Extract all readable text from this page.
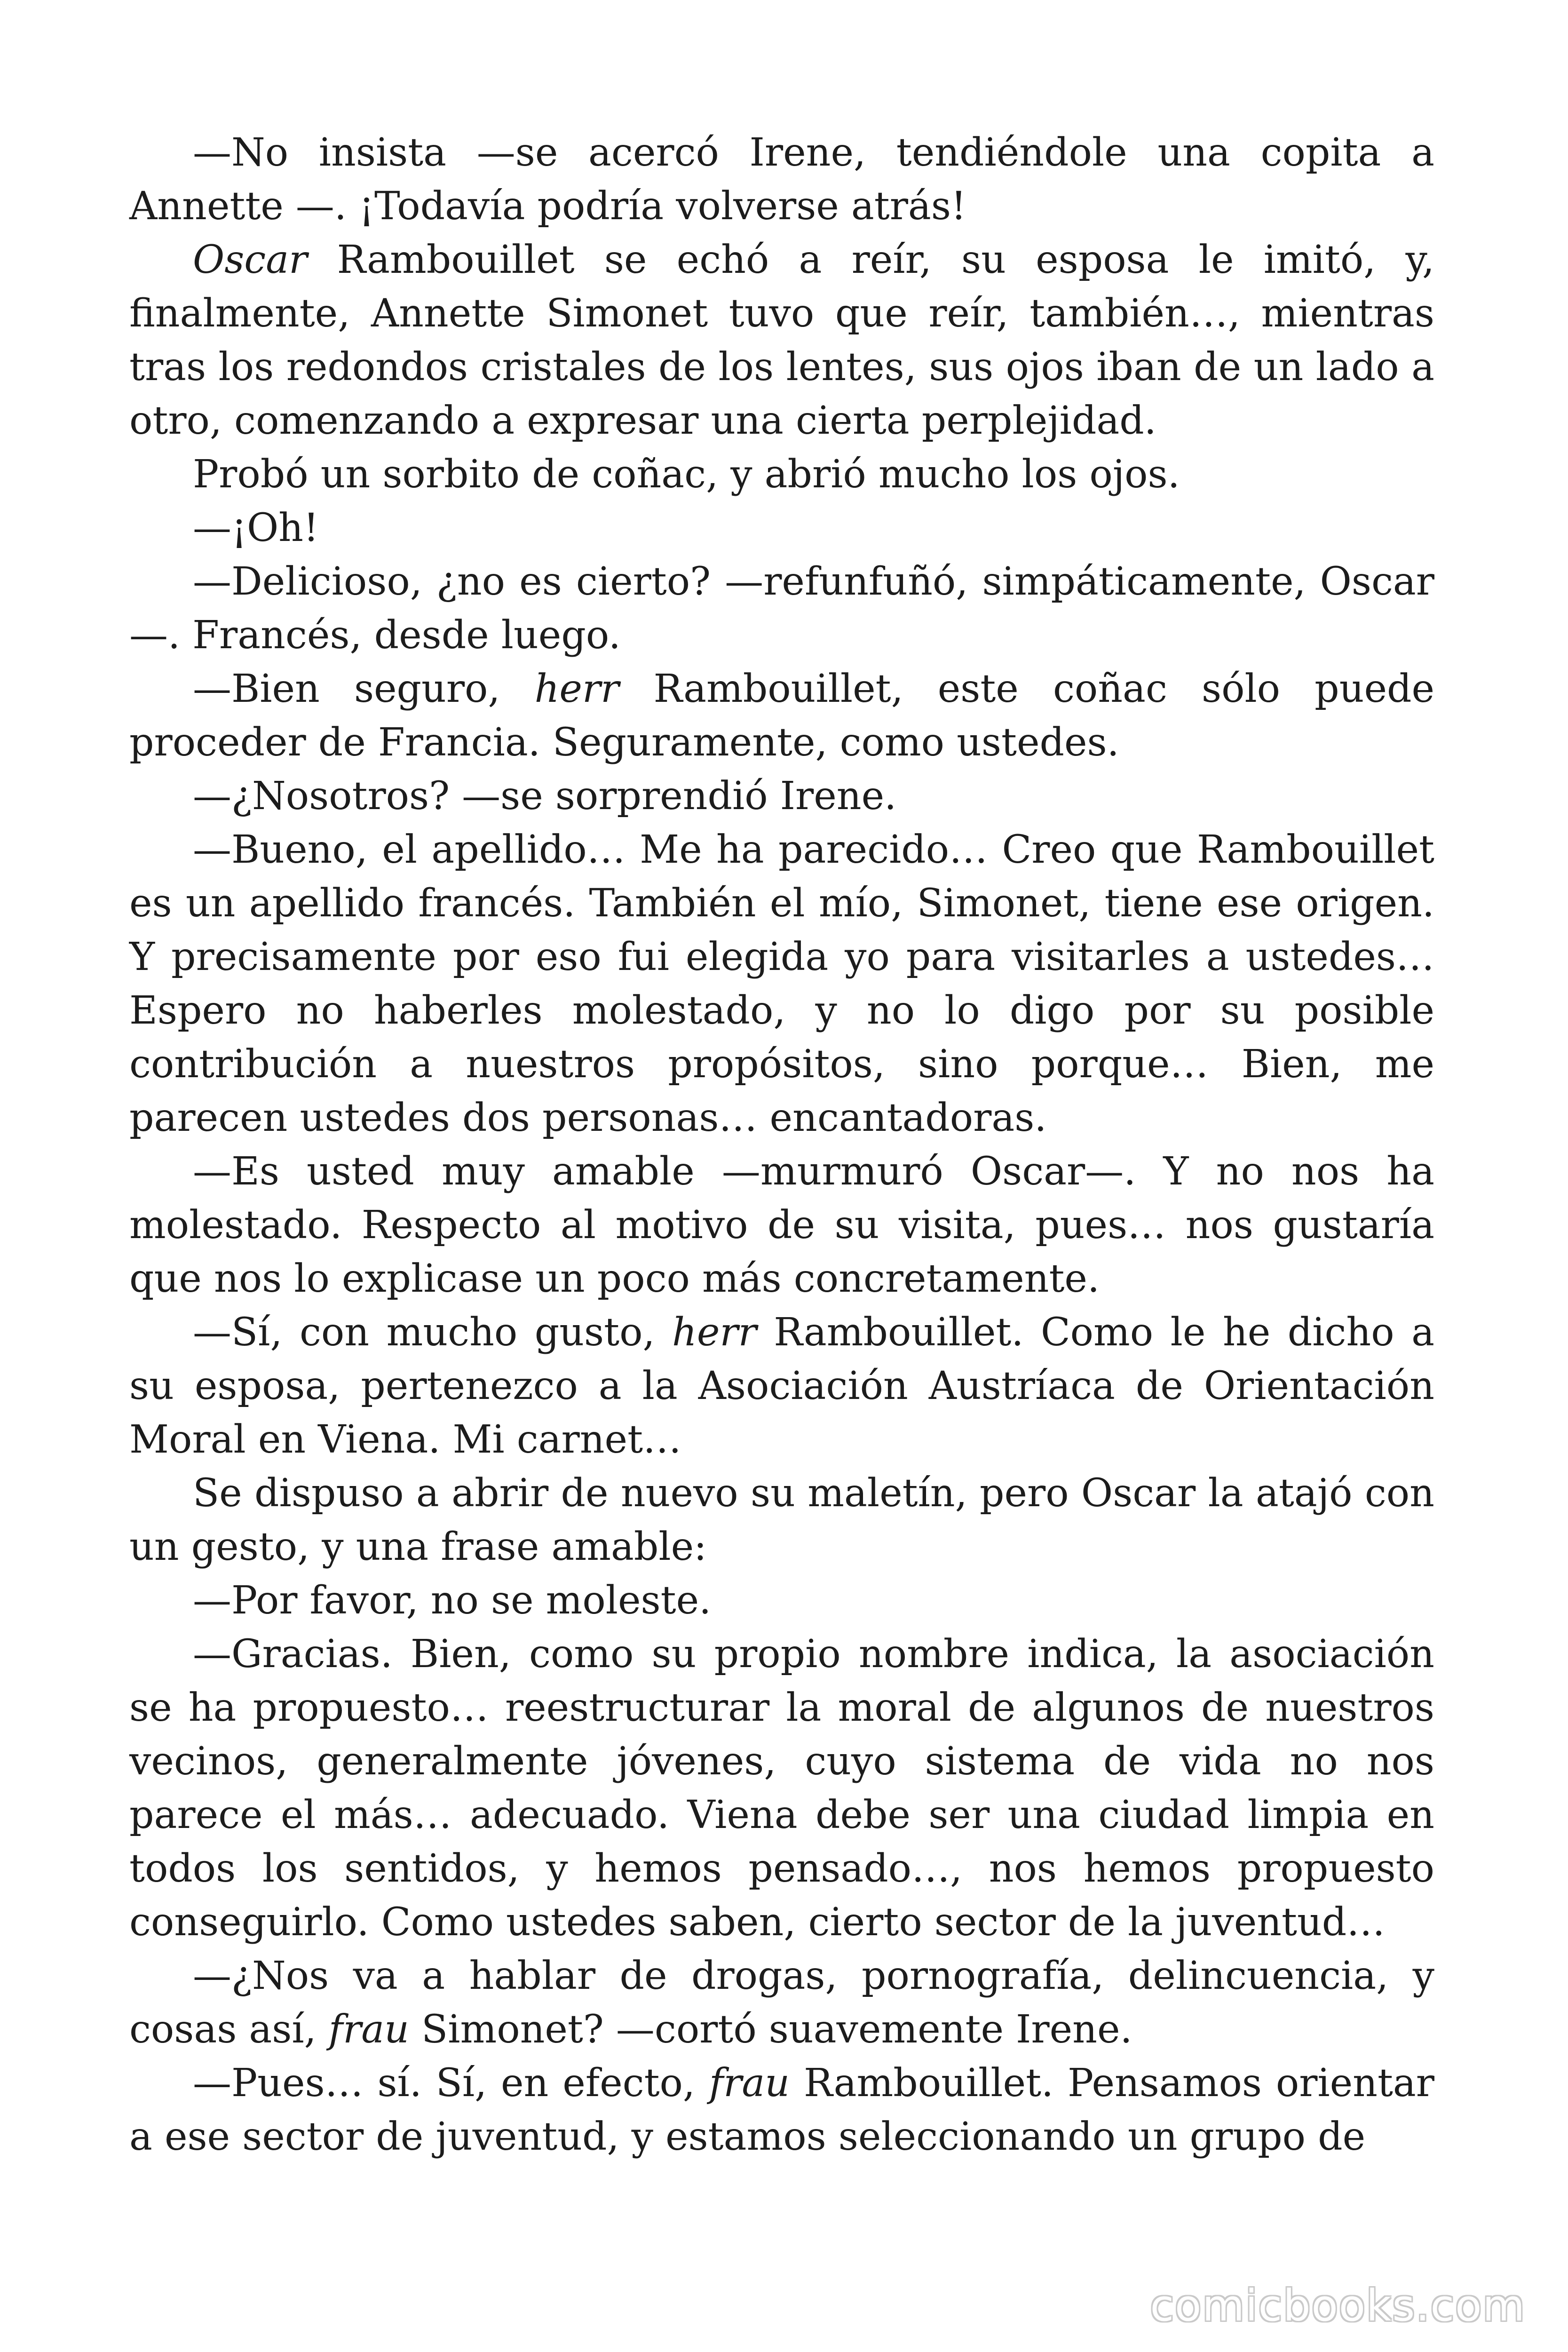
—No insista —se acercó Irene, tendiéndole una copita a Annette —. ¡Todavía podría volverse atrás!

Oscar Rambouillet se echó a reír, su esposa le imitó, y, finalmente, Annette Simonet tuvo que reír, también…, mientras tras los redondos cristales de los lentes, sus ojos iban de un lado a otro, comenzando a expresar una cierta perplejidad.

Probó un sorbito de coñac, y abrió mucho los ojos.

—¡Oh!

—Delicioso, ¿no es cierto? —refunfuñó, simpáticamente, Oscar —. Francés, desde luego.

—Bien seguro, herr Rambouillet, este coñac sólo puede proceder de Francia. Seguramente, como ustedes.

—¿Nosotros? —se sorprendió Irene.

—Bueno, el apellido… Me ha parecido… Creo que Rambouillet es un apellido francés. También el mío, Simonet, tiene ese origen. Y precisamente por eso fui elegida yo para visitarles a ustedes… Espero no haberles molestado, y no lo digo por su posible contribución a nuestros propósitos, sino porque… Bien, me parecen ustedes dos personas… encantadoras.

—Es usted muy amable —murmuró Oscar—. Y no nos ha molestado. Respecto al motivo de su visita, pues… nos gustaría que nos lo explicase un poco más concretamente.

—Sí, con mucho gusto, herr Rambouillet. Como le he dicho a su esposa, pertenezco a la Asociación Austríaca de Orientación Moral en Viena. Mi carnet…

Se dispuso a abrir de nuevo su maletín, pero Oscar la atajó con un gesto, y una frase amable:

—Por favor, no se moleste.

—Gracias. Bien, como su propio nombre indica, la asociación se ha propuesto… reestructurar la moral de algunos de nuestros vecinos, generalmente jóvenes, cuyo sistema de vida no nos parece el más… adecuado. Viena debe ser una ciudad limpia en todos los sentidos, y hemos pensado…, nos hemos propuesto conseguirlo. Como ustedes saben, cierto sector de la juventud…

—¿Nos va a hablar de drogas, pornografía, delincuencia, y cosas así, frau Simonet? —cortó suavemente Irene.

—Pues… sí. Sí, en efecto, frau Rambouillet. Pensamos orientar a ese sector de juventud, y estamos seleccionando un grupo de

comicbooks.com
